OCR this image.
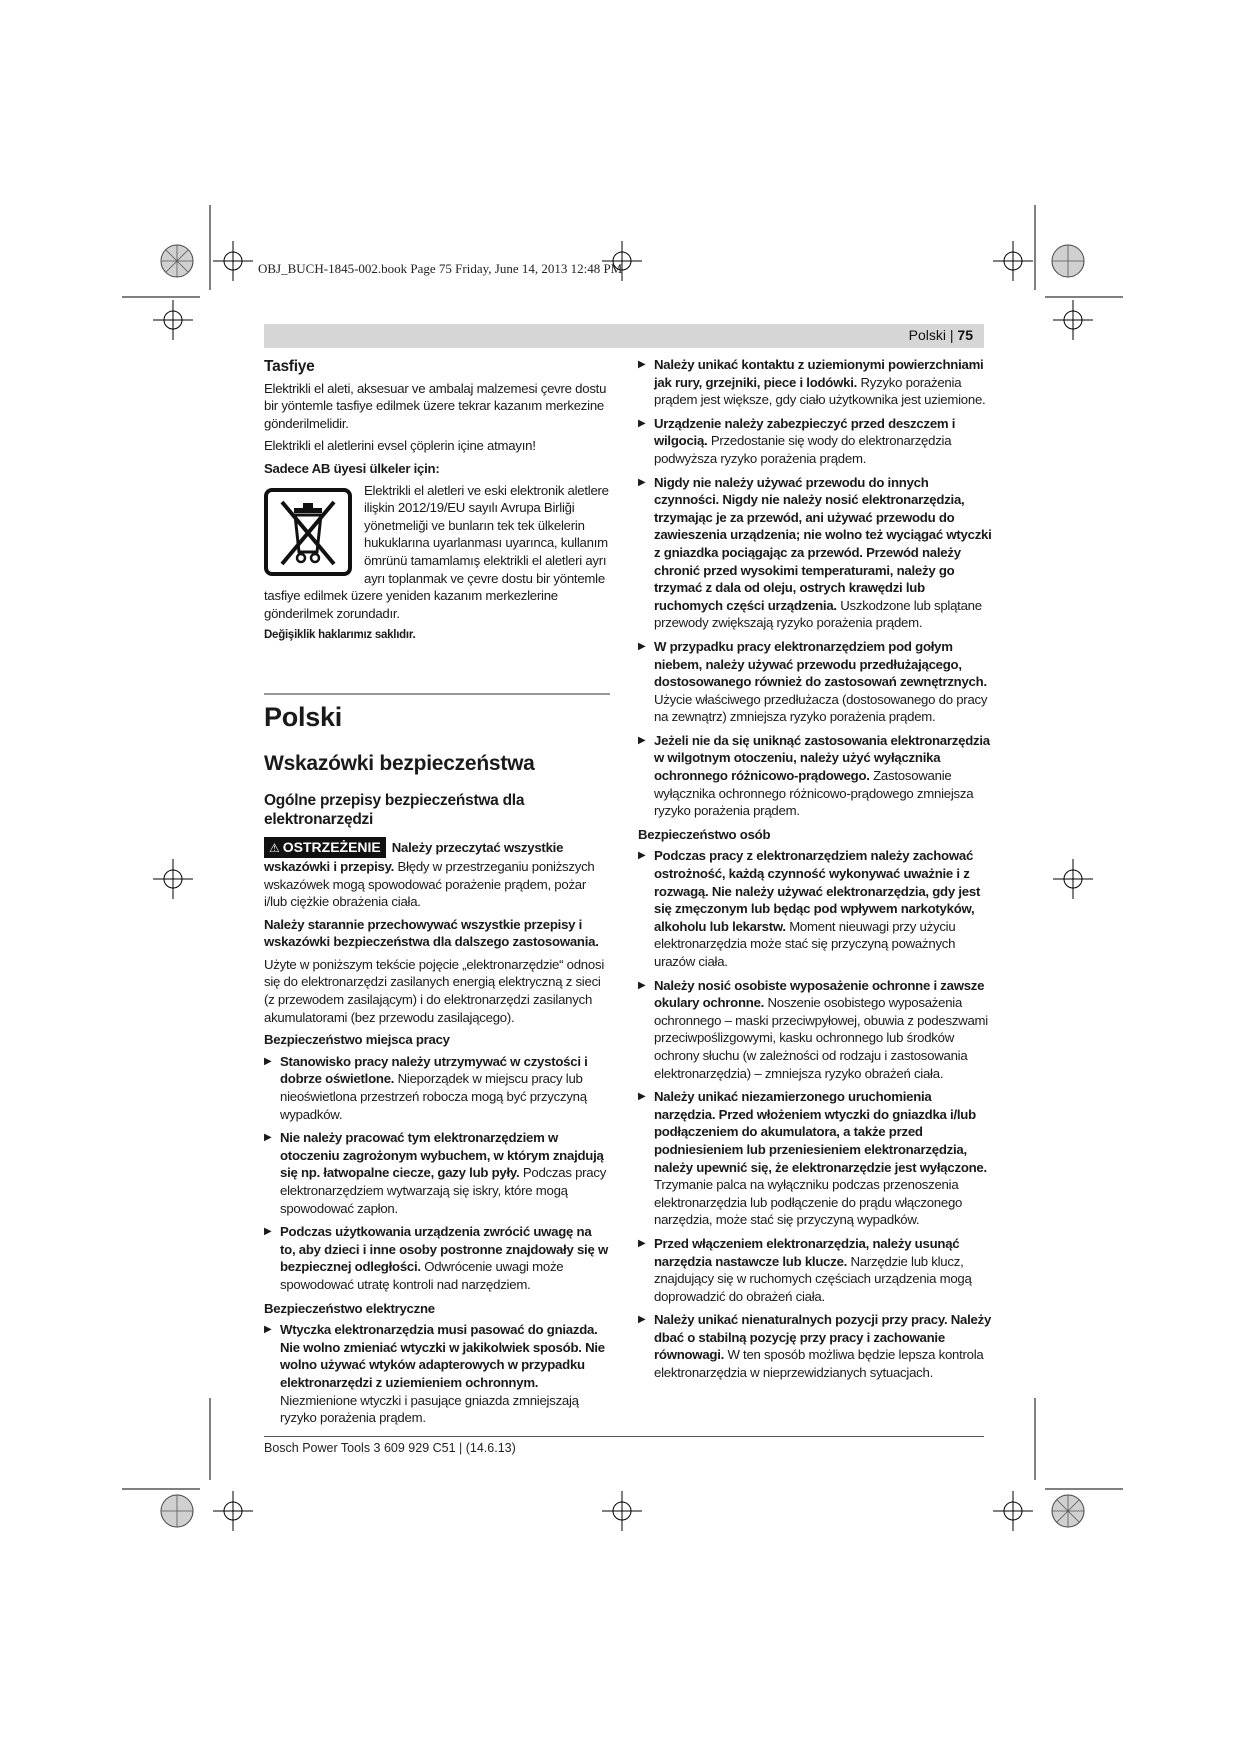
OBJ_BUCH-1845-002.book Page 75 Friday, June 14, 2013 12:48 PM
Polski | 75
Tasfiye

Elektrikli el aleti, aksesuar ve ambalaj malzemesi çevre dostu bir yöntemle tasfiye edilmek üzere tekrar kazanım merkezine gönderilmelidir.

Elektrikli el aletlerini evsel çöplerin içine atmayın!

Sadece AB üyesi ülkeler için:
Elektrikli el aletleri ve eski elektronik aletlere ilişkin 2012/19/EU sayılı Avrupa Birliği yönetmeliği ve bunların tek tek ülkelerin hukuklarına uyarlanması uyarınca, kullanım ömrünü tamamlamış elektrikli el aletleri ayrı ayrı toplanmak ve çevre dostu bir yöntemle tasfiye edilmek üzere yeniden kazanım merkezlerine gönderilmek zorundadır.

Değişiklik haklarımız saklıdır.

Polski
Wskazówki bezpieczeństwa
Ogólne przepisy bezpieczeństwa dla elektronarzędzi

⚠ OSTRZEŻENIE Należy przeczytać wszystkie wskazówki i przepisy. Błędy w przestrzeganiu poniższych wskazówek mogą spowodować porażenie prądem, pożar i/lub ciężkie obrażenia ciała.

Należy starannie przechowywać wszystkie przepisy i wskazówki bezpieczeństwa dla dalszego zastosowania.

Użyte w poniższym tekście pojęcie „elektronarzędzie“ odnosi się do elektronarzędzi zasilanych energią elektryczną z sieci (z przewodem zasilającym) i do elektronarzędzi zasilanych akumulatorami (bez przewodu zasilającego).

Bezpieczeństwo miejsca pracy
▶ Stanowisko pracy należy utrzymywać w czystości i dobrze oświetlone. Nieporządek w miejscu pracy lub nieoświetlona przestrzeń robocza mogą być przyczyną wypadków.
▶ Nie należy pracować tym elektronarzędziem w otoczeniu zagrożonym wybuchem, w którym znajdują się np. łatwopalne ciecze, gazy lub pyły. Podczas pracy elektronarzędziem wytwarzają się iskry, które mogą spowodować zapłon.
▶ Podczas użytkowania urządzenia zwrócić uwagę na to, aby dzieci i inne osoby postronne znajdowały się w bezpiecznej odległości. Odwrócenie uwagi może spowodować utratę kontroli nad narzędziem.
Bezpieczeństwo elektryczne
▶ Wtyczka elektronarzędzia musi pasować do gniazda. Nie wolno zmieniać wtyczki w jakikolwiek sposób. Nie wolno używać wtyków adapterowych w przypadku elektronarzędzi z uziemieniem ochronnym. Niezmienione wtyczki i pasujące gniazda zmniejszają ryzyko porażenia prądem.
▶ Należy unikać kontaktu z uziemionymi powierzchniami jak rury, grzejniki, piece i lodówki. Ryzyko porażenia prądem jest większe, gdy ciało użytkownika jest uziemione.
▶ Urządzenie należy zabezpieczyć przed deszczem i wilgocią. Przedostanie się wody do elektronarzędzia podwyższa ryzyko porażenia prądem.
▶ Nigdy nie należy używać przewodu do innych czynności. Nigdy nie należy nosić elektronarzędzia, trzymając je za przewód, ani używać przewodu do zawieszenia urządzenia; nie wolno też wyciągać wtyczki z gniazdka pociągając za przewód. Przewód należy chronić przed wysokimi temperaturami, należy go trzymać z dala od oleju, ostrych krawędzi lub ruchomych części urządzenia. Uszkodzone lub splątane przewody zwiększają ryzyko porażenia prądem.
▶ W przypadku pracy elektronarzędziem pod gołym niebem, należy używać przewodu przedłużającego, dostosowanego również do zastosowań zewnętrznych. Użycie właściwego przedłużacza (dostosowanego do pracy na zewnątrz) zmniejsza ryzyko porażenia prądem.
▶ Jeżeli nie da się uniknąć zastosowania elektronarzędzia w wilgotnym otoczeniu, należy użyć wyłącznika ochronnego różnicowo-prądowego. Zastosowanie wyłącznika ochronnego różnicowo-prądowego zmniejsza ryzyko porażenia prądem.
Bezpieczeństwo osób
▶ Podczas pracy z elektronarzędziem należy zachować ostrożność, każdą czynność wykonywać uważnie i z rozwagą. Nie należy używać elektronarzędzia, gdy jest się zmęczonym lub będąc pod wpływem narkotyków, alkoholu lub lekarstw. Moment nieuwagi przy użyciu elektronarzędzia może stać się przyczyną poważnych urazów ciała.
▶ Należy nosić osobiste wyposażenie ochronne i zawsze okulary ochronne. Noszenie osobistego wyposażenia ochronnego – maski przeciwpyłowej, obuwia z podeszwami przeciwpoślizgowymi, kasku ochronnego lub środków ochrony słuchu (w zależności od rodzaju i zastosowania elektronarzędzia) – zmniejsza ryzyko obrażeń ciała.
▶ Należy unikać niezamierzonego uruchomienia narzędzia. Przed włożeniem wtyczki do gniazdka i/lub podłączeniem do akumulatora, a także przed podniesieniem lub przeniesieniem elektronarzędzia, należy upewnić się, że elektronarzędzie jest wyłączone. Trzymanie palca na wyłączniku podczas przenoszenia elektronarzędzia lub podłączenie do prądu włączonego narzędzia, może stać się przyczyną wypadków.
▶ Przed włączeniem elektronarzędzia, należy usunąć narzędzia nastawcze lub klucze. Narzędzie lub klucz, znajdujący się w ruchomych częściach urządzenia mogą doprowadzić do obrażeń ciała.
▶ Należy unikać nienaturalnych pozycji przy pracy. Należy dbać o stabilną pozycję przy pracy i zachowanie równowagi. W ten sposób możliwa będzie lepsza kontrola elektronarzędzia w nieprzewidzianych sytuacjach.
Bosch Power Tools 3 609 929 C51 | (14.6.13)
